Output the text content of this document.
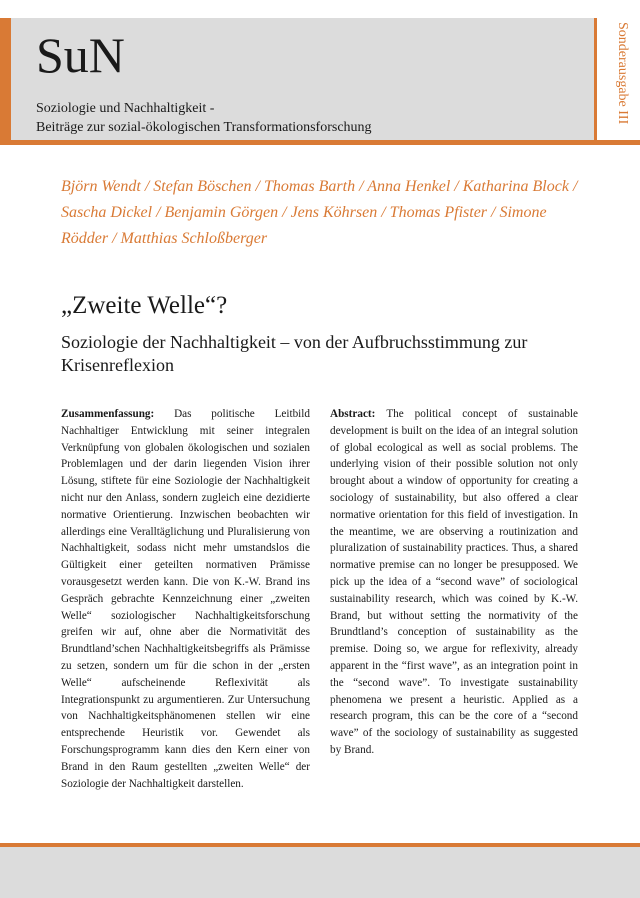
SuN
Soziologie und Nachhaltigkeit -
Beiträge zur sozial-ökologischen Transformationsforschung
Sonderausgabe III
Björn Wendt / Stefan Böschen / Thomas Barth / Anna Henkel / Katharina Block / Sascha Dickel / Benjamin Görgen / Jens Köhrsen / Thomas Pfister / Simone Rödder / Matthias Schloßberger
„Zweite Welle“?
Soziologie der Nachhaltigkeit – von der Aufbruchsstimmung zur Krisenreflexion
Zusammenfassung: Das politische Leitbild Nachhaltiger Entwicklung mit seiner integralen Verknüpfung von globalen ökologischen und sozialen Problemlagen und der darin liegenden Vision ihrer Lösung, stiftete für eine Soziologie der Nachhaltigkeit nicht nur den Anlass, sondern zugleich eine dezidierte normative Orientierung. Inzwischen beobachten wir allerdings eine Veralltäglichung und Pluralisierung von Nachhaltigkeit, sodass nicht mehr umstandslos die Gültigkeit einer geteilten normativen Prämisse vorausgesetzt werden kann. Die von K.-W. Brand ins Gespräch gebrachte Kennzeichnung einer „zweiten Welle“ soziologischer Nachhaltigkeitsforschung greifen wir auf, ohne aber die Normativität des Brundtland’schen Nachhaltigkeitsbegriffs als Prämisse zu setzen, sondern um für die schon in der „ersten Welle“ aufscheinende Reflexivität als Integrationspunkt zu argumentieren. Zur Untersuchung von Nachhaltigkeitsphänomenen stellen wir eine entsprechende Heuristik vor. Gewendet als Forschungsprogramm kann dies den Kern einer von Brand in den Raum gestellten „zweiten Welle“ der Soziologie der Nachhaltigkeit darstellen.
Abstract: The political concept of sustainable development is built on the idea of an integral solution of global ecological as well as social problems. The underlying vision of their possible solution not only brought about a window of opportunity for creating a sociology of sustainability, but also offered a clear normative orientation for this field of investigation. In the meantime, we are observing a routinization and pluralization of sustainability practices. Thus, a shared normative premise can no longer be presupposed. We pick up the idea of a “second wave” of sociological sustainability research, which was coined by K.-W. Brand, but without setting the normativity of the Brundtland’s conception of sustainability as the premise. Doing so, we argue for reflexivity, already apparent in the “first wave”, as an integration point in the “second wave”. To investigate sustainability phenomena we present a heuristic. Applied as a research program, this can be the core of a “second wave” of the sociology of sustainability as suggested by Brand.
